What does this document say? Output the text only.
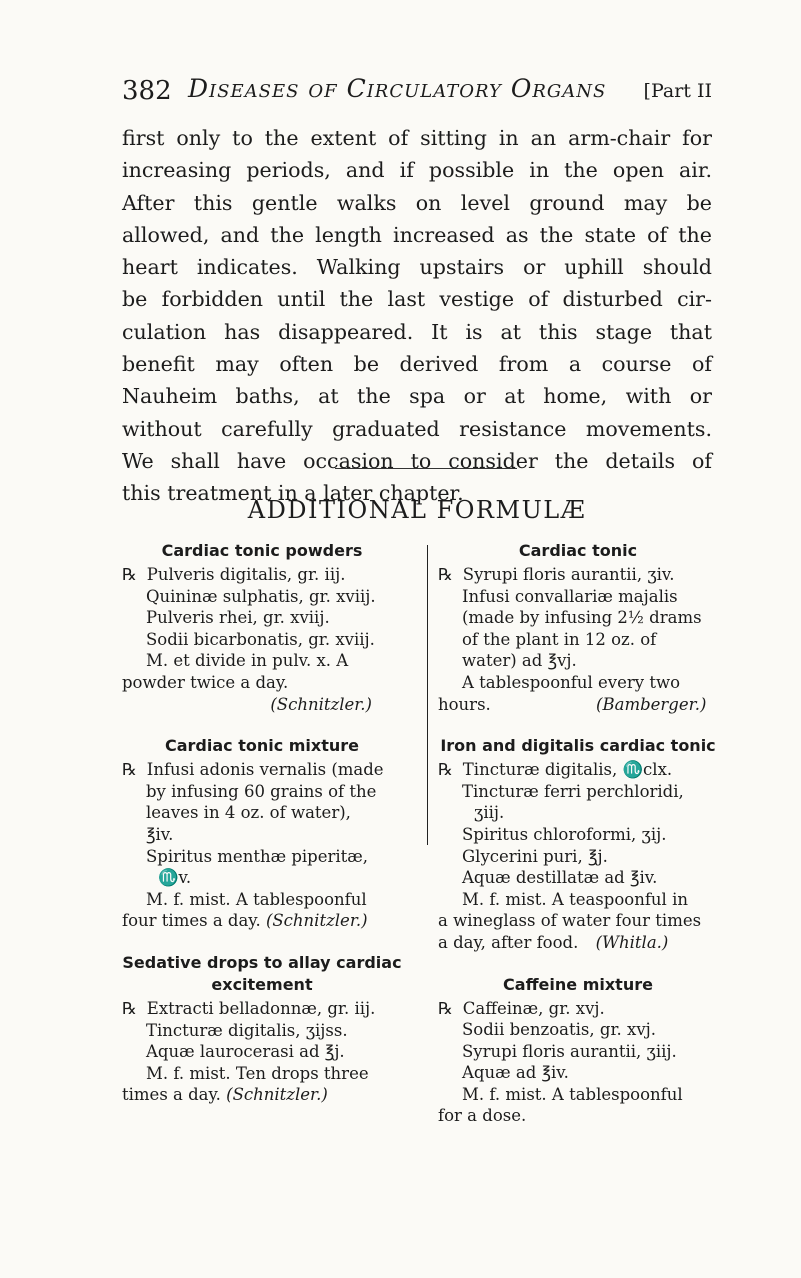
382 Diseases of Circulatory Organs [Part II

first only to the extent of sitting in an arm-chair for
increasing periods, and if possible in the open air.
After this gentle walks on level ground may be
allowed, and the length increased as the state of the
heart indicates. Walking upstairs or uphill should
be forbidden until the last vestige of disturbed cir-
culation has disappeared. It is at this stage that
benefit may often be derived from a course of
Nauheim baths, at the spa or at home, with or
without carefully graduated resistance movements.
We shall have occasion to consider the details of
this treatment in a later chapter.

ADDITIONAL FORMULÆ
Cardiac tonic powders
℞ Pulveris digitalis, gr. iij.
Quininæ sulphatis, gr. xviij.
Pulveris rhei, gr. xviij.
Sodii bicarbonatis, gr. xviij.
M. et divide in pulv. x. A
powder twice a day.
(Schnitzler.)
Cardiac tonic mixture
℞ Infusi adonis vernalis (made
by infusing 60 grains of the
leaves in 4 oz. of water),
℥iv.
Spiritus menthæ piperitæ,
♏v.
M. f. mist. A tablespoonful
four times a day. (Schnitzler.)
Sedative drops to allay cardiac excitement
℞ Extracti belladonnæ, gr. iij.
Tincturæ digitalis, ʒijss.
Aquæ laurocerasi ad ℥j.
M. f. mist. Ten drops three
times a day. (Schnitzler.)
Cardiac tonic
℞ Syrupi floris aurantii, ʒiv.
Infusi convallariæ majalis
(made by infusing 2½ drams
of the plant in 12 oz. of
water) ad ℥vj.
A tablespoonful every two
hours.	(Bamberger.)
Iron and digitalis cardiac tonic
℞ Tincturæ digitalis, ♏clx.
Tincturæ ferri perchloridi,
ʒiij.
Spiritus chloroformi, ʒij.
Glycerini puri, ℥j.
Aquæ destillatæ ad ℥iv.
M. f. mist. A teaspoonful in
a wineglass of water four times
a day, after food. (Whitla.)
Caffeine mixture
℞ Caffeinæ, gr. xvj.
Sodii benzoatis, gr. xvj.
Syrupi floris aurantii, ʒiij.
Aquæ ad ℥iv.
M. f. mist. A tablespoonful
for a dose.
